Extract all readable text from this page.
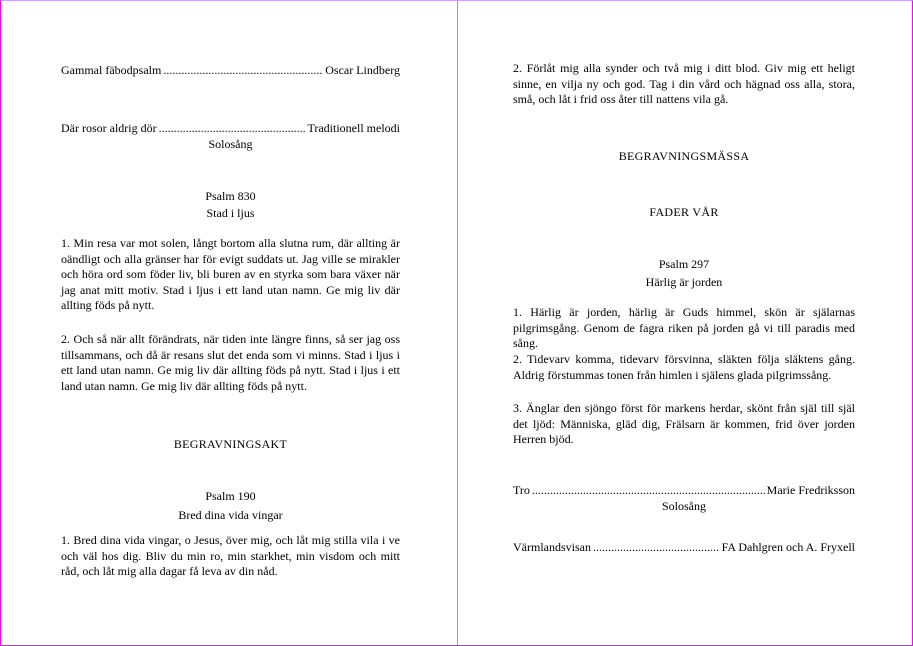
Gammal fäbodpsalm .....	Oscar Lindberg
Där rosor aldrig dör .....	Traditionell melodi
Solosång
Psalm 830
Stad i ljus
1. Min resa var mot solen, långt bortom alla slutna rum, där allting är oändligt och alla gränser har för evigt suddats ut. Jag ville se mirakler och höra ord som föder liv, bli buren av en styrka som bara växer när jag anat mitt motiv. Stad i ljus i ett land utan namn. Ge mig liv där allting föds på nytt.
2. Och så när allt förändrats, när tiden inte längre finns, så ser jag oss tillsammans, och då är resans slut det enda som vi minns. Stad i ljus i ett land utan namn. Ge mig liv där allting föds på nytt. Stad i ljus i ett land utan namn. Ge mig liv där allting föds på nytt.
BEGRAVNINGSAKT
Psalm 190
Bred dina vida vingar
1. Bred dina vida vingar, o Jesus, över mig, och låt mig stilla vila i ve och väl hos dig. Bliv du min ro, min starkhet, min visdom och mitt råd, och låt mig alla dagar få leva av din nåd.
2. Förlåt mig alla synder och två mig i ditt blod. Giv mig ett heligt sinne, en vilja ny och god. Tag i din vård och hägnad oss alla, stora, små, och låt i frid oss åter till nattens vila gå.
BEGRAVNINGSMÄSSA
FADER VÅR
Psalm 297
Härlig är jorden
1. Härlig är jorden, härlig är Guds himmel, skön är själarnas pilgrimsgång. Genom de fagra riken på jorden gå vi till paradis med sång.
2. Tidevarv komma, tidevarv försvinna, släkten följa släktens gång. Aldrig förstummas tonen från himlen i själens glada pilgrimssång.
3. Änglar den sjöngo först för markens herdar, skönt från själ till själ det ljöd: Människa, gläd dig, Frälsarn är kommen, frid över jorden Herren bjöd.
Tro .....	Marie Fredriksson
Solosång
Värmlandsvisan .....	FA Dahlgren och A. Fryxell
